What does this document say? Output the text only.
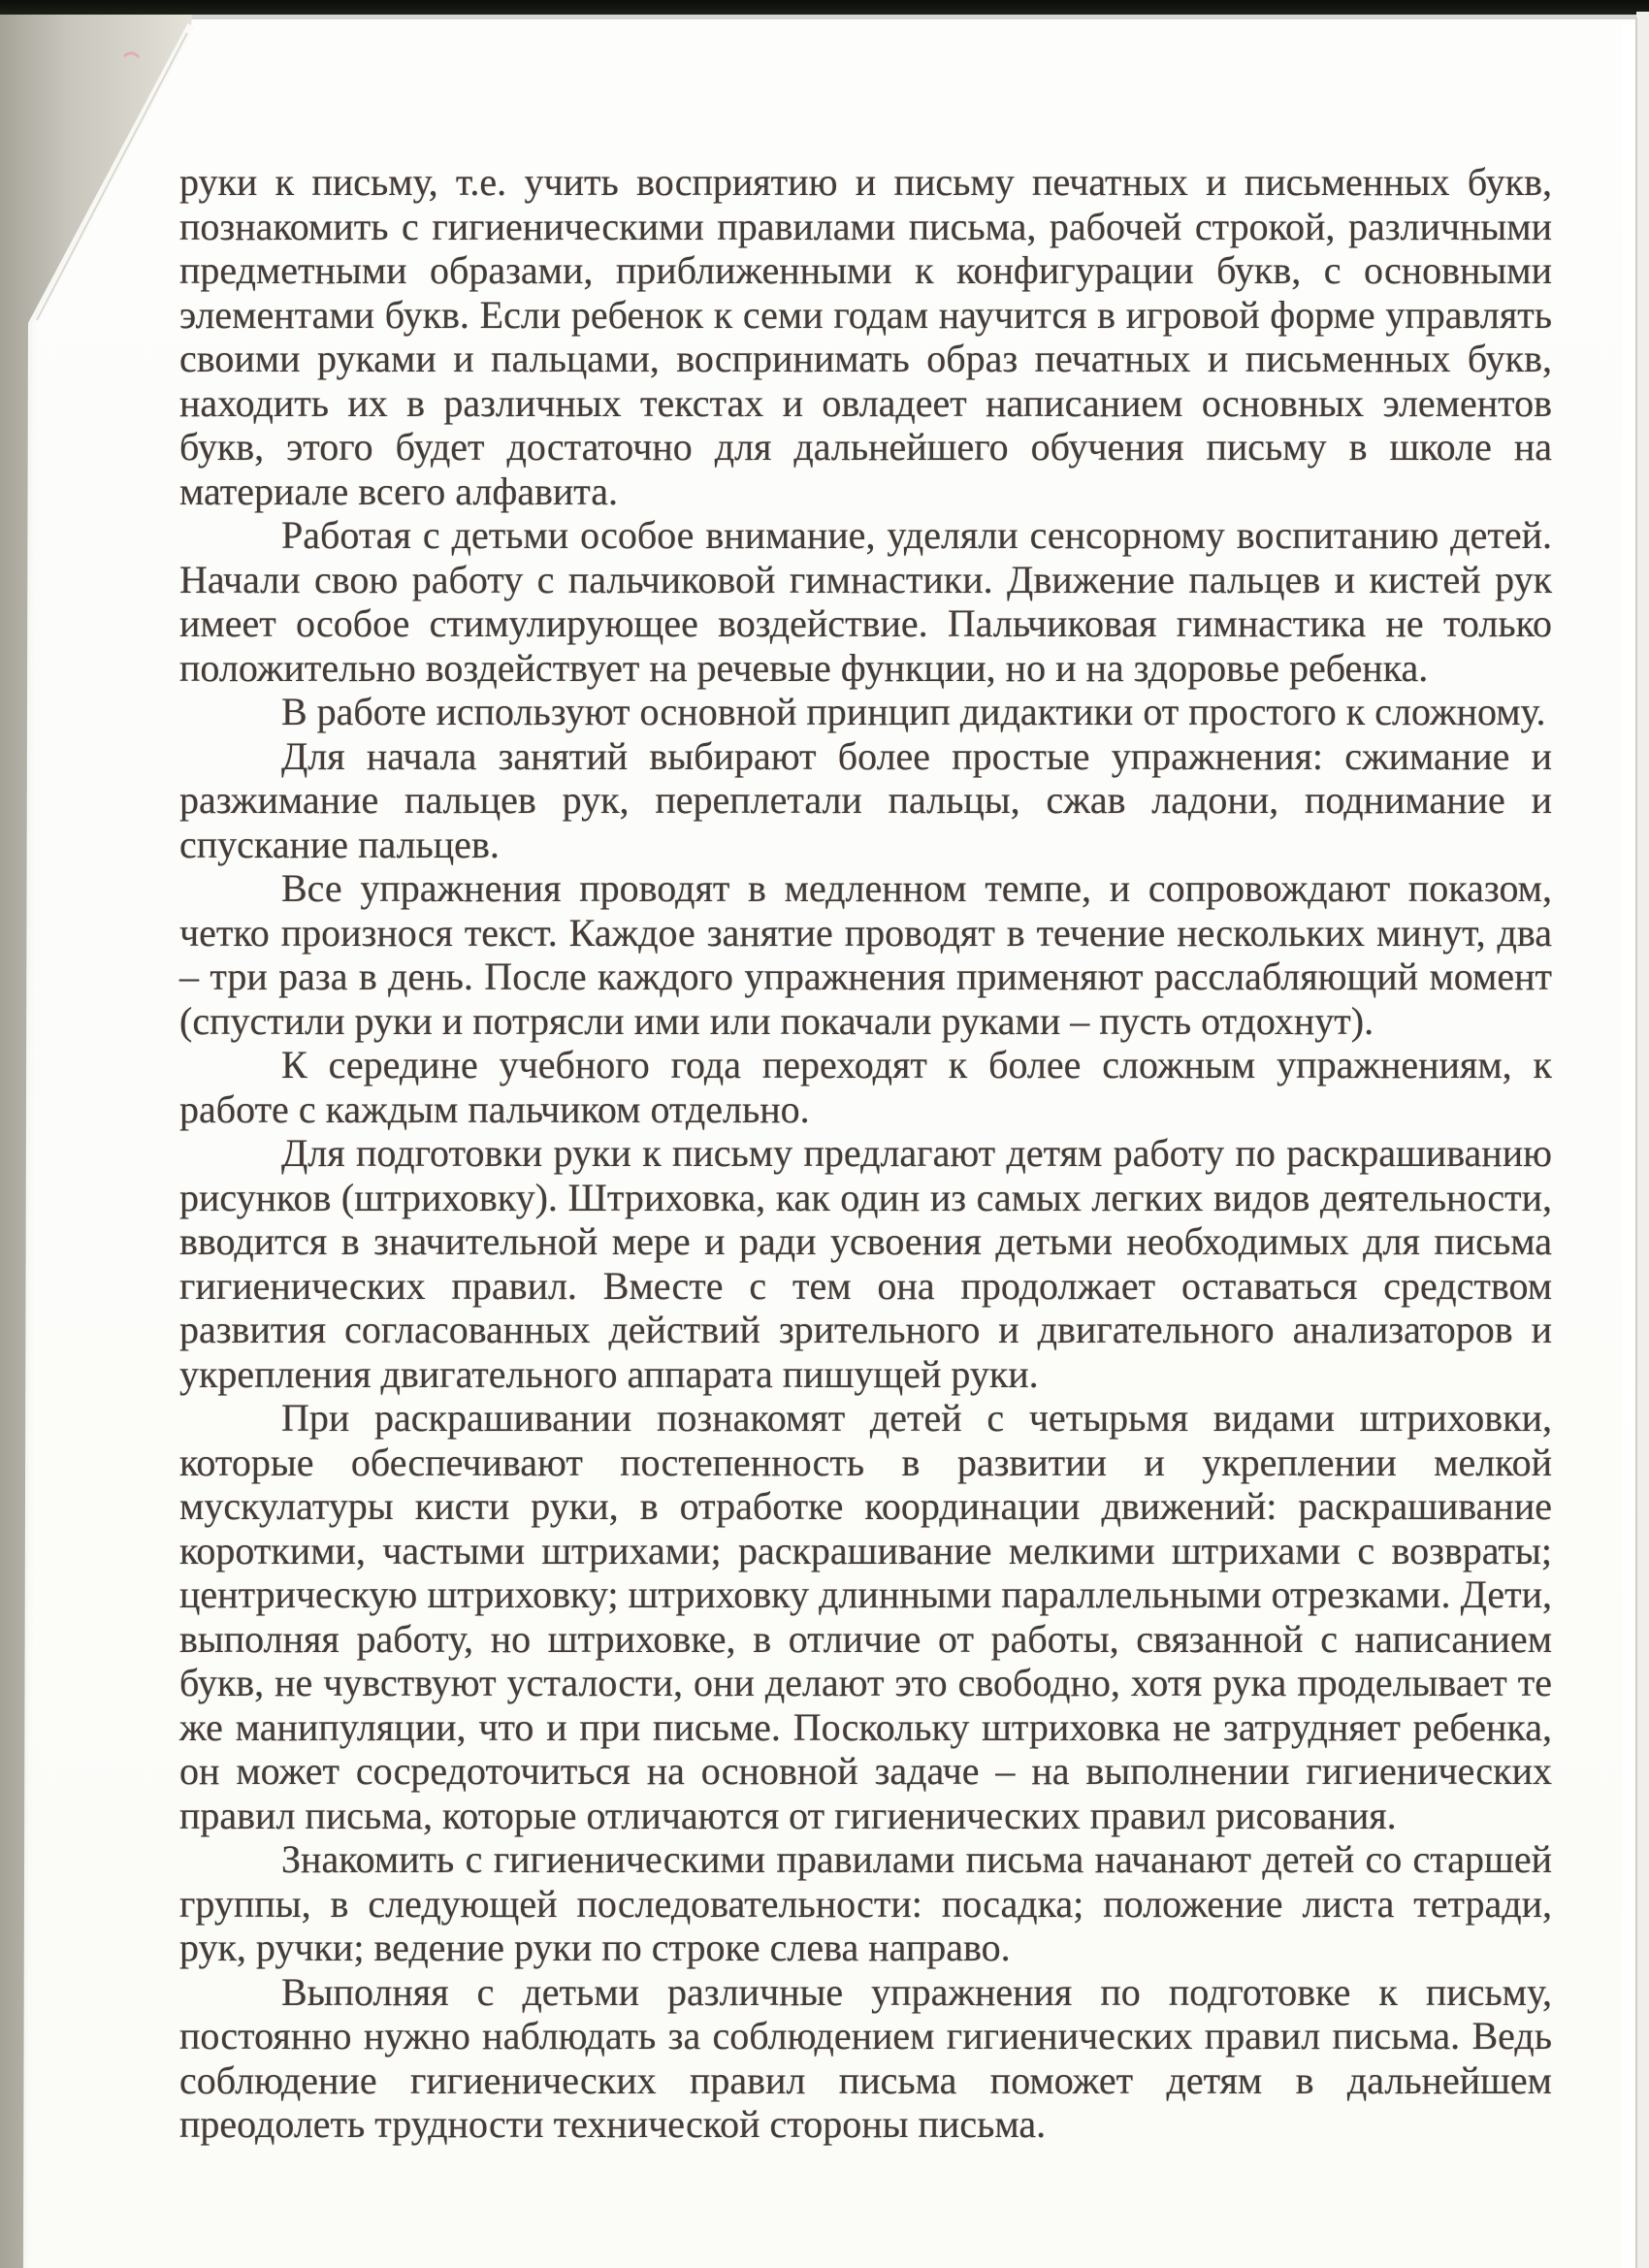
руки к письму, т.е. учить восприятию и письму печатных и письменных букв, познакомить с гигиеническими правилами письма, рабочей строкой, различными предметными образами, приближенными к конфигурации букв, с основными элементами букв. Если ребенок к семи годам научится в игровой форме управлять своими руками и пальцами, воспринимать образ печатных и письменных букв, находить их в различных текстах и овладеет написанием основных элементов букв, этого будет достаточно для дальнейшего обучения письму в школе на материале всего алфавита.

Работая с детьми особое внимание, уделяли сенсорному воспитанию детей. Начали свою работу с пальчиковой гимнастики. Движение пальцев и кистей рук имеет особое стимулирующее воздействие. Пальчиковая гимнастика не только положительно воздействует на речевые функции, но и на здоровье ребенка.

В работе используют основной принцип дидактики от простого к сложному.

Для начала занятий выбирают более простые упражнения: сжимание и разжимание пальцев рук, переплетали пальцы, сжав ладони, поднимание и спускание пальцев.

Все упражнения проводят в медленном темпе, и сопровождают показом, четко произнося текст. Каждое занятие проводят в течение нескольких минут, два – три раза в день. После каждого упражнения применяют расслабляющий момент (спустили руки и потрясли ими или покачали руками – пусть отдохнут).

К середине учебного года переходят к более сложным упражнениям, к работе с каждым пальчиком отдельно.

Для подготовки руки к письму предлагают детям работу по раскрашиванию рисунков (штриховку). Штриховка, как один из самых легких видов деятельности, вводится в значительной мере и ради усвоения детьми необходимых для письма гигиенических правил. Вместе с тем она продолжает оставаться средством развития согласованных действий зрительного и двигательного анализаторов и укрепления двигательного аппарата пишущей руки.

При раскрашивании познакомят детей с четырьмя видами штриховки, которые обеспечивают постепенность в развитии и укреплении мелкой мускулатуры кисти руки, в отработке координации движений: раскрашивание короткими, частыми штрихами; раскрашивание мелкими штрихами с возвраты; центрическую штриховку; штриховку длинными параллельными отрезками. Дети, выполняя работу, но штриховке, в отличие от работы, связанной с написанием букв, не чувствуют усталости, они делают это свободно, хотя рука проделывает те же манипуляции, что и при письме. Поскольку штриховка не затрудняет ребенка, он может сосредоточиться на основной задаче – на выполнении гигиенических правил письма, которые отличаются от гигиенических правил рисования.

Знакомить с гигиеническими правилами письма начанают детей со старшей группы, в следующей последовательности: посадка; положение листа тетради, рук, ручки; ведение руки по строке слева направо.

Выполняя с детьми различные упражнения по подготовке к письму, постоянно нужно наблюдать за соблюдением гигиенических правил письма. Ведь соблюдение гигиенических правил письма поможет детям в дальнейшем преодолеть трудности технической стороны письма.
